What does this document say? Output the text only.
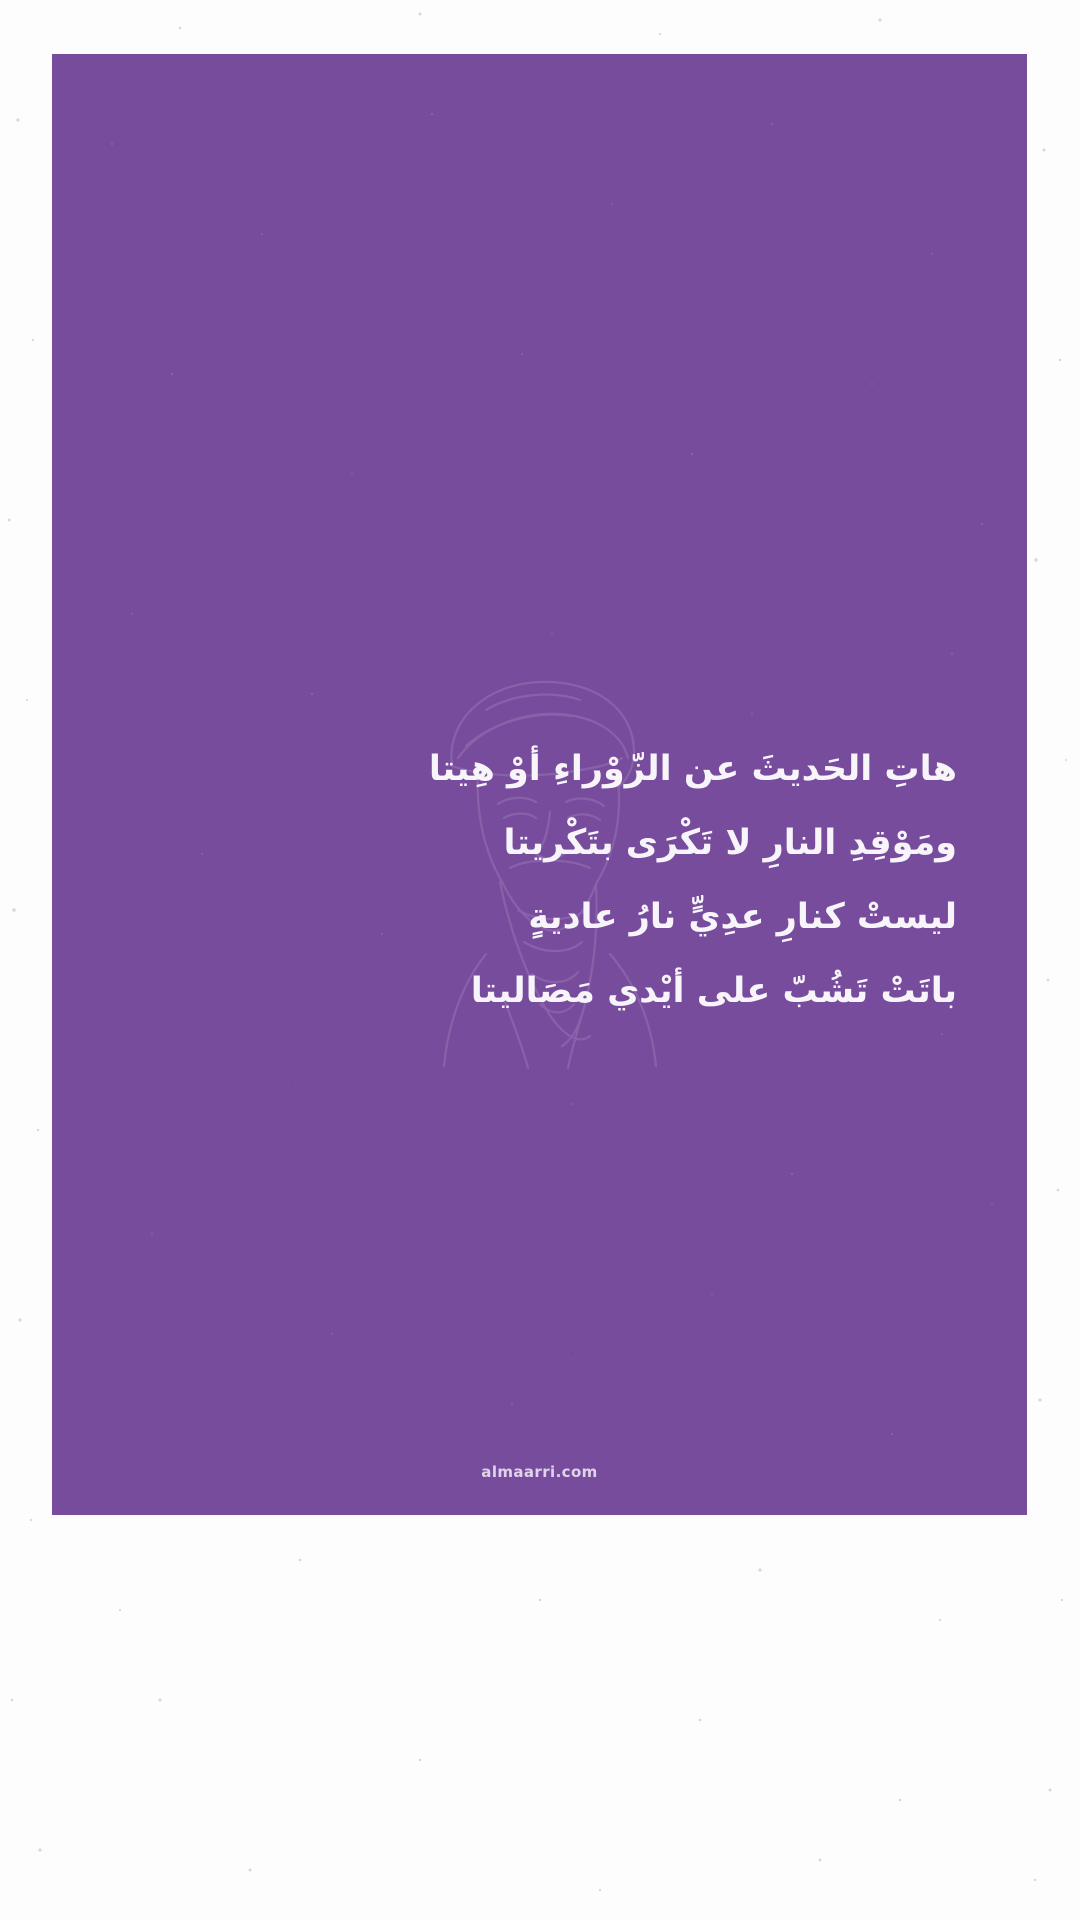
هاتِ الحَديثَ عن الزّوْراءِ أوْ هِيتا
ومَوْقِدِ النارِ لا تَكْرَى بتَكْريتا
ليستْ كنارِ عدِيٍّ نارُ عاديةٍ
باتَتْ تَشُبّ على أيْدي مَصَاليتا
almaarri.com
